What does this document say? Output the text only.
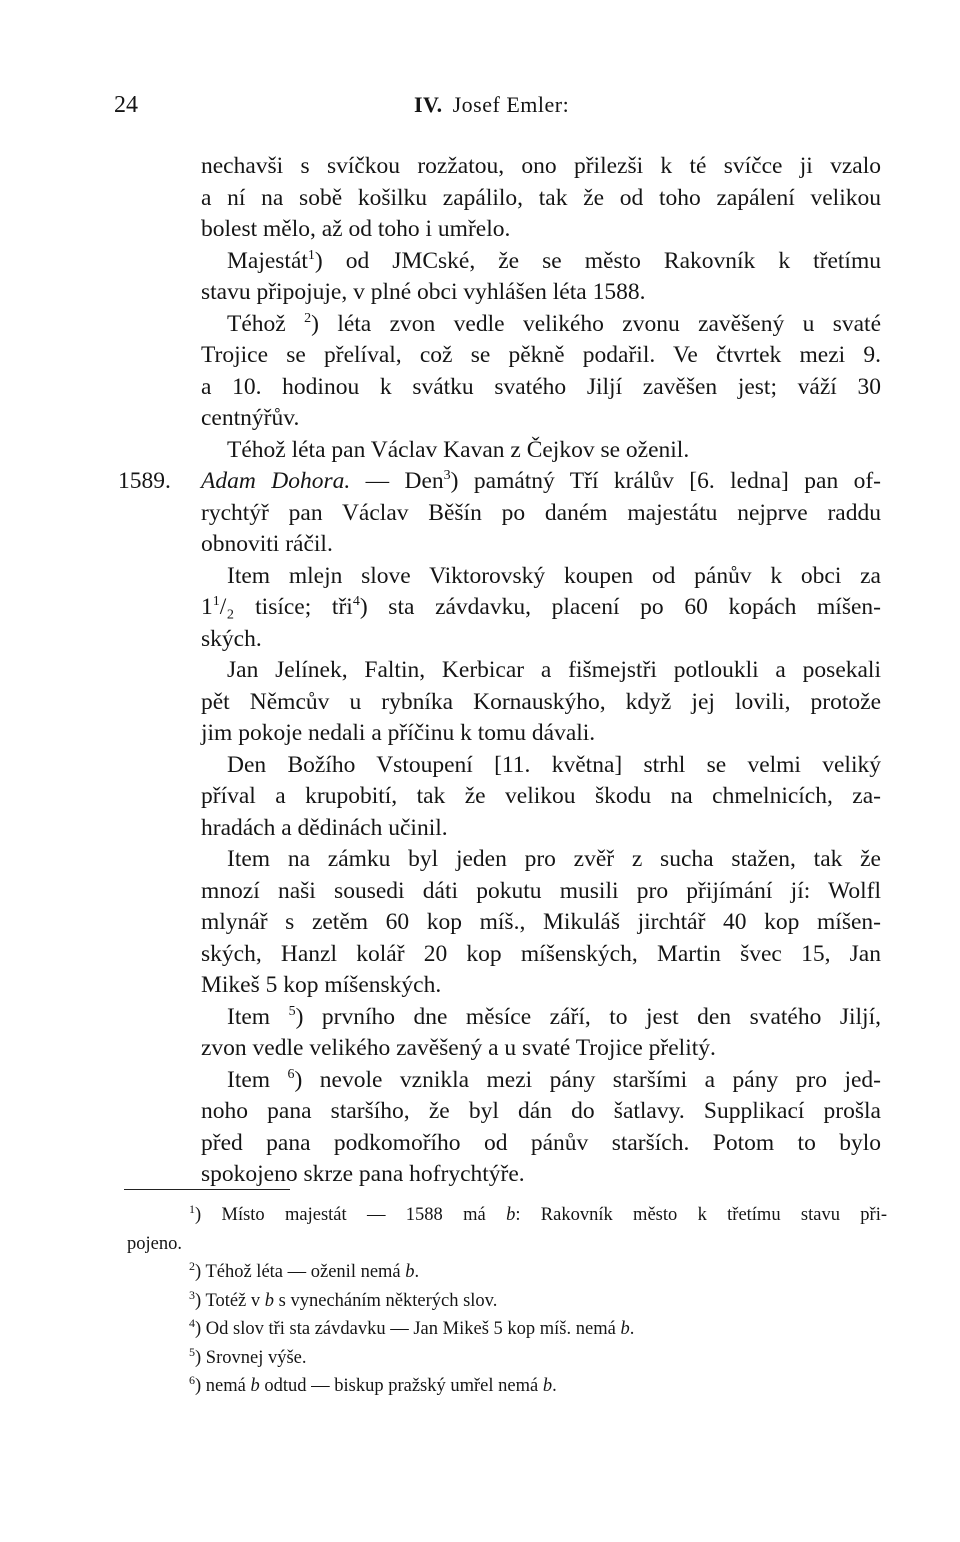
24	IV. Josef Emler:
nechavši s svíčkou rozžatou, ono přilezši k té svíčce ji vzalo
a ní na sobě košilku zapálilo, tak že od toho zapálení velikou
bolest mělo, až od toho i umřelo.
Majestát$^1$) od JMCské, že se město Rakovník k třetímu
stavu připojuje, v plné obci vyhlášen léta 1588.
Téhož $^2$) léta zvon vedle velikého zvonu zavěšený u svaté
Trojice se přelíval, což se pěkně podařil. Ve čtvrtek mezi 9.
a 10. hodinou k svátku svatého Jiljí zavěšen jest; váží 30
centnýřův.
Téhož léta pan Václav Kavan z Čejkov se oženil.
1589. Adam Dohora. — Den$^3$) památný Tří králův [6. ledna] pan of-
rychtýř pan Václav Běšín po daném majestátu nejprve raddu
obnoviti ráčil.
Item mlejn slove Viktorovský koupen od pánův k obci za
$1^1/_2$ tisíce; tři$^4$) sta závdavku, placení po 60 kopách míšen-
ských.
Jan Jelínek, Faltin, Kerbicar a fišmejstři potloukli a posekali
pět Němcův u rybníka Kornauskýho, když jej lovili, protože
jim pokoje nedali a příčinu k tomu dávali.
Den Božího Vstoupení [11. května] strhl se velmi veliký
příval a krupobití, tak že velikou škodu na chmelnicích, za-
hradách a dědinách učinil.
Item na zámku byl jeden pro zvěř z sucha stažen, tak že
mnozí naši sousedi dáti pokutu musili pro přijímání jí: Wolfl
mlynář s zetěm 60 kop míš., Mikuláš jirchtář 40 kop míšen-
ských, Hanzl kolář 20 kop míšenských, Martin švec 15, Jan
Mikeš 5 kop míšenských.
Item $^5$) prvního dne měsíce září, to jest den svatého Jiljí,
zvon vedle velikého zavěšený a u svaté Trojice přelitý.
Item $^6$) nevole vznikla mezi pány staršími a pány pro jed-
noho pana staršího, že byl dán do šatlavy. Supplikací prošla
před pana podkomořího od pánův starších. Potom to bylo
spokojeno skrze pana hofrychtýře.
$^1$) Místo majestát — 1588 má b: Rakovník město k třetímu stavu při-
pojeno.
$^2$) Téhož léta — oženil nemá b.
$^3$) Totéž v b s vynecháním některých slov.
$^4$) Od slov tři sta závdavku — Jan Mikeš 5 kop míš. nemá b.
$^5$) Srovnej výše.
$^6$) nemá b odtud — biskup pražský umřel nemá b.
